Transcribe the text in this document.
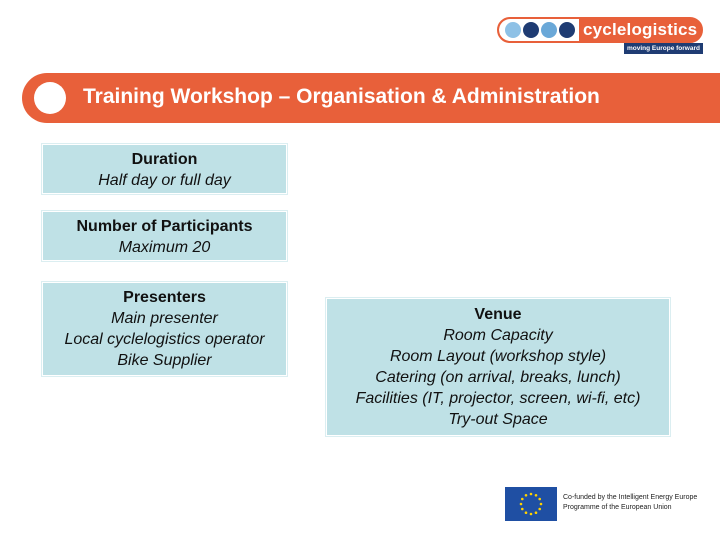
cyclelogistics
moving Europe forward
Training Workshop – Organisation & Administration
Duration
Half day or full day
Number of Participants
Maximum 20
Presenters
Main presenter
Local cyclelogistics operator
Bike Supplier
Venue
Room Capacity
Room Layout (workshop style)
Catering (on arrival, breaks, lunch)
Facilities (IT, projector, screen, wi-fi, etc)
Try-out Space
Co-funded by the Intelligent Energy Europe
Programme of the European Union
